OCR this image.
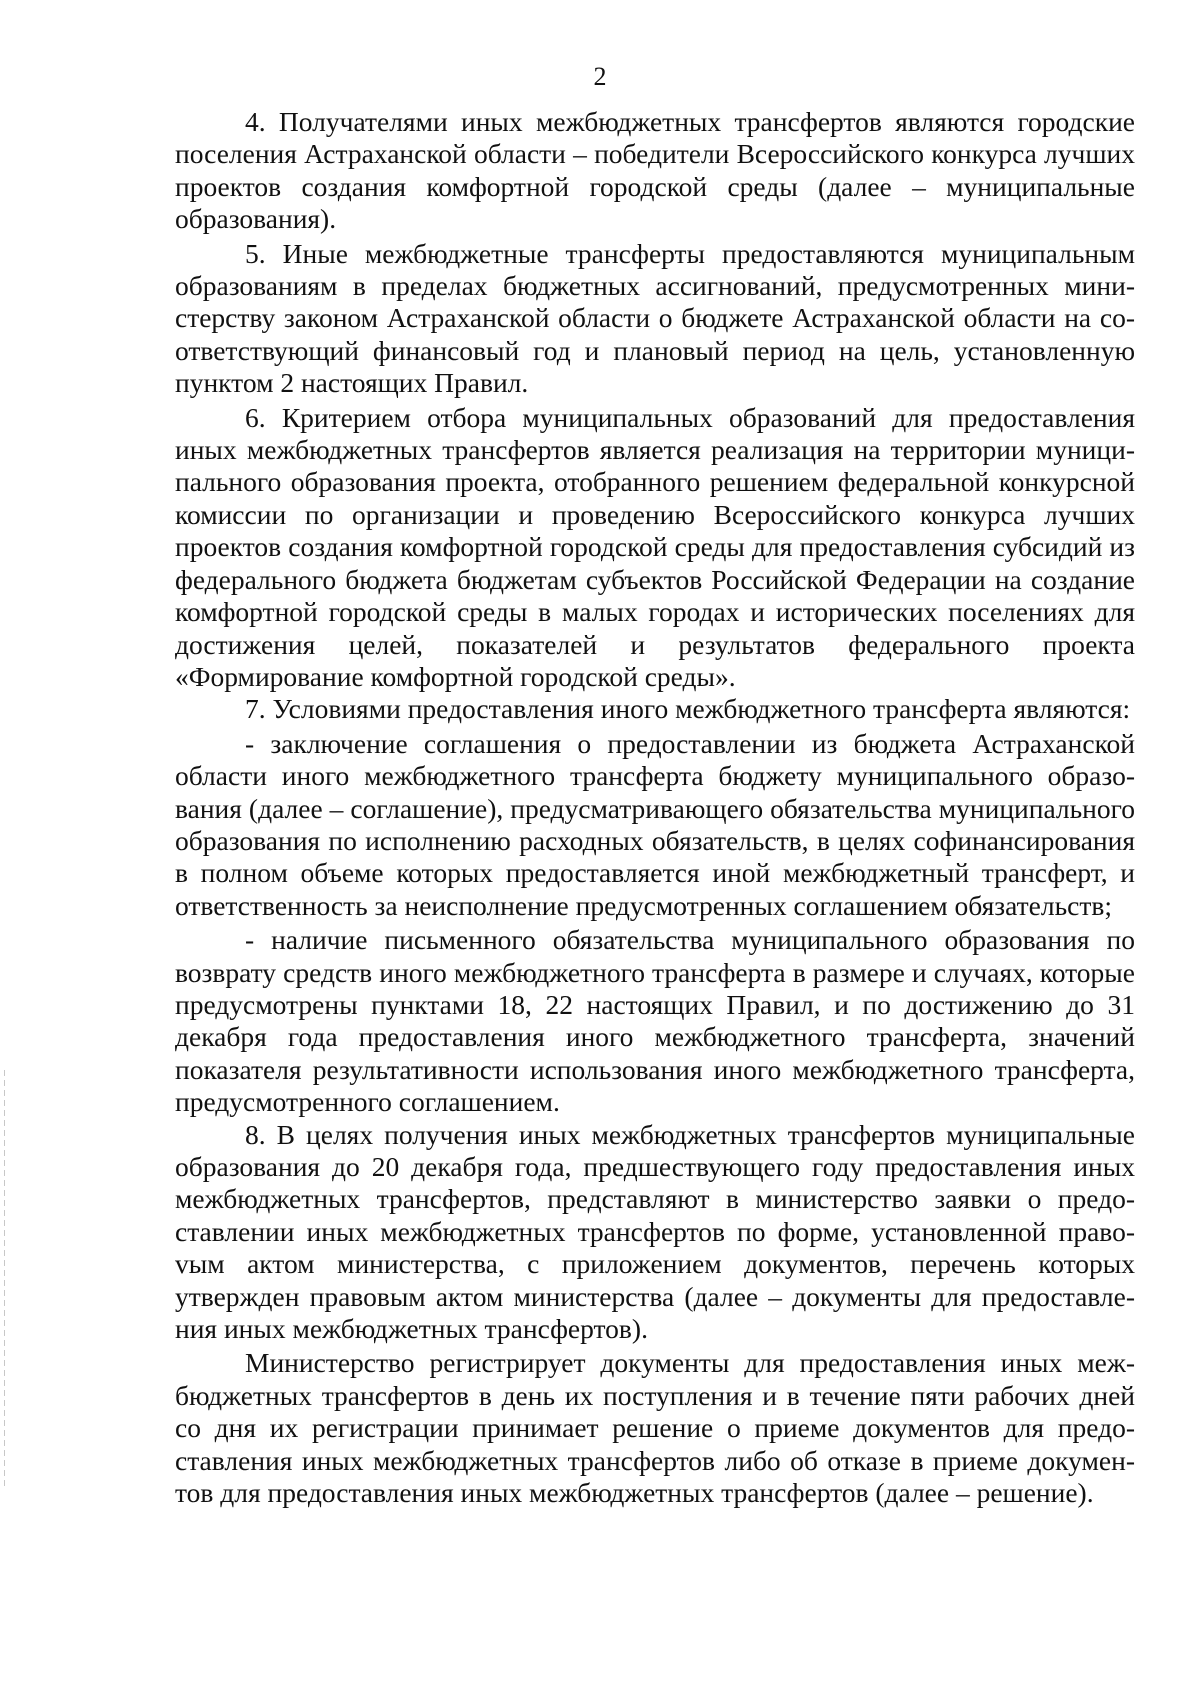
2

4. Получателями иных межбюджетных трансфертов являются городские поселения Астраханской области – победители Всероссийского конкурса лучших проектов создания комфортной городской среды (далее – муниципальные образования).

5. Иные межбюджетные трансферты предоставляются муниципальным образованиям в пределах бюджетных ассигнований, предусмотренных министерству законом Астраханской области о бюджете Астраханской области на соответствующий финансовый год и плановый период на цель, установленную пунктом 2 настоящих Правил.

6. Критерием отбора муниципальных образований для предоставления иных межбюджетных трансфертов является реализация на территории муниципального образования проекта, отобранного решением федеральной конкурсной комиссии по организации и проведению Всероссийского конкурса лучших проектов создания комфортной городской среды для предоставления субсидий из федерального бюджета бюджетам субъектов Российской Федерации на создание комфортной городской среды в малых городах и исторических поселениях для достижения целей, показателей и результатов федерального проекта «Формирование комфортной городской среды».

7. Условиями предоставления иного межбюджетного трансферта являются:

- заключение соглашения о предоставлении из бюджета Астраханской области иного межбюджетного трансферта бюджету муниципального образования (далее – соглашение), предусматривающего обязательства муниципального образования по исполнению расходных обязательств, в целях софинансирования в полном объеме которых предоставляется иной межбюджетный трансферт, и ответственность за неисполнение предусмотренных соглашением обязательств;

- наличие письменного обязательства муниципального образования по возврату средств иного межбюджетного трансферта в размере и случаях, которые предусмотрены пунктами 18, 22 настоящих Правил, и по достижению до 31 декабря года предоставления иного межбюджетного трансферта, значений показателя результативности использования иного межбюджетного трансферта, предусмотренного соглашением.

8. В целях получения иных межбюджетных трансфертов муниципальные образования до 20 декабря года, предшествующего году предоставления иных межбюджетных трансфертов, представляют в министерство заявки о предоставлении иных межбюджетных трансфертов по форме, установленной правоvым актом министерства, с приложением документов, перечень которых утвержден правовым актом министерства (далее – документы для предоставления иных межбюджетных трансфертов).

Министерство регистрирует документы для предоставления иных межбюджетных трансфертов в день их поступления и в течение пяти рабочих дней со дня их регистрации принимает решение о приеме документов для предоставления иных межбюджетных трансфертов либо об отказе в приеме документов для предоставления иных межбюджетных трансфертов (далее – решение).
